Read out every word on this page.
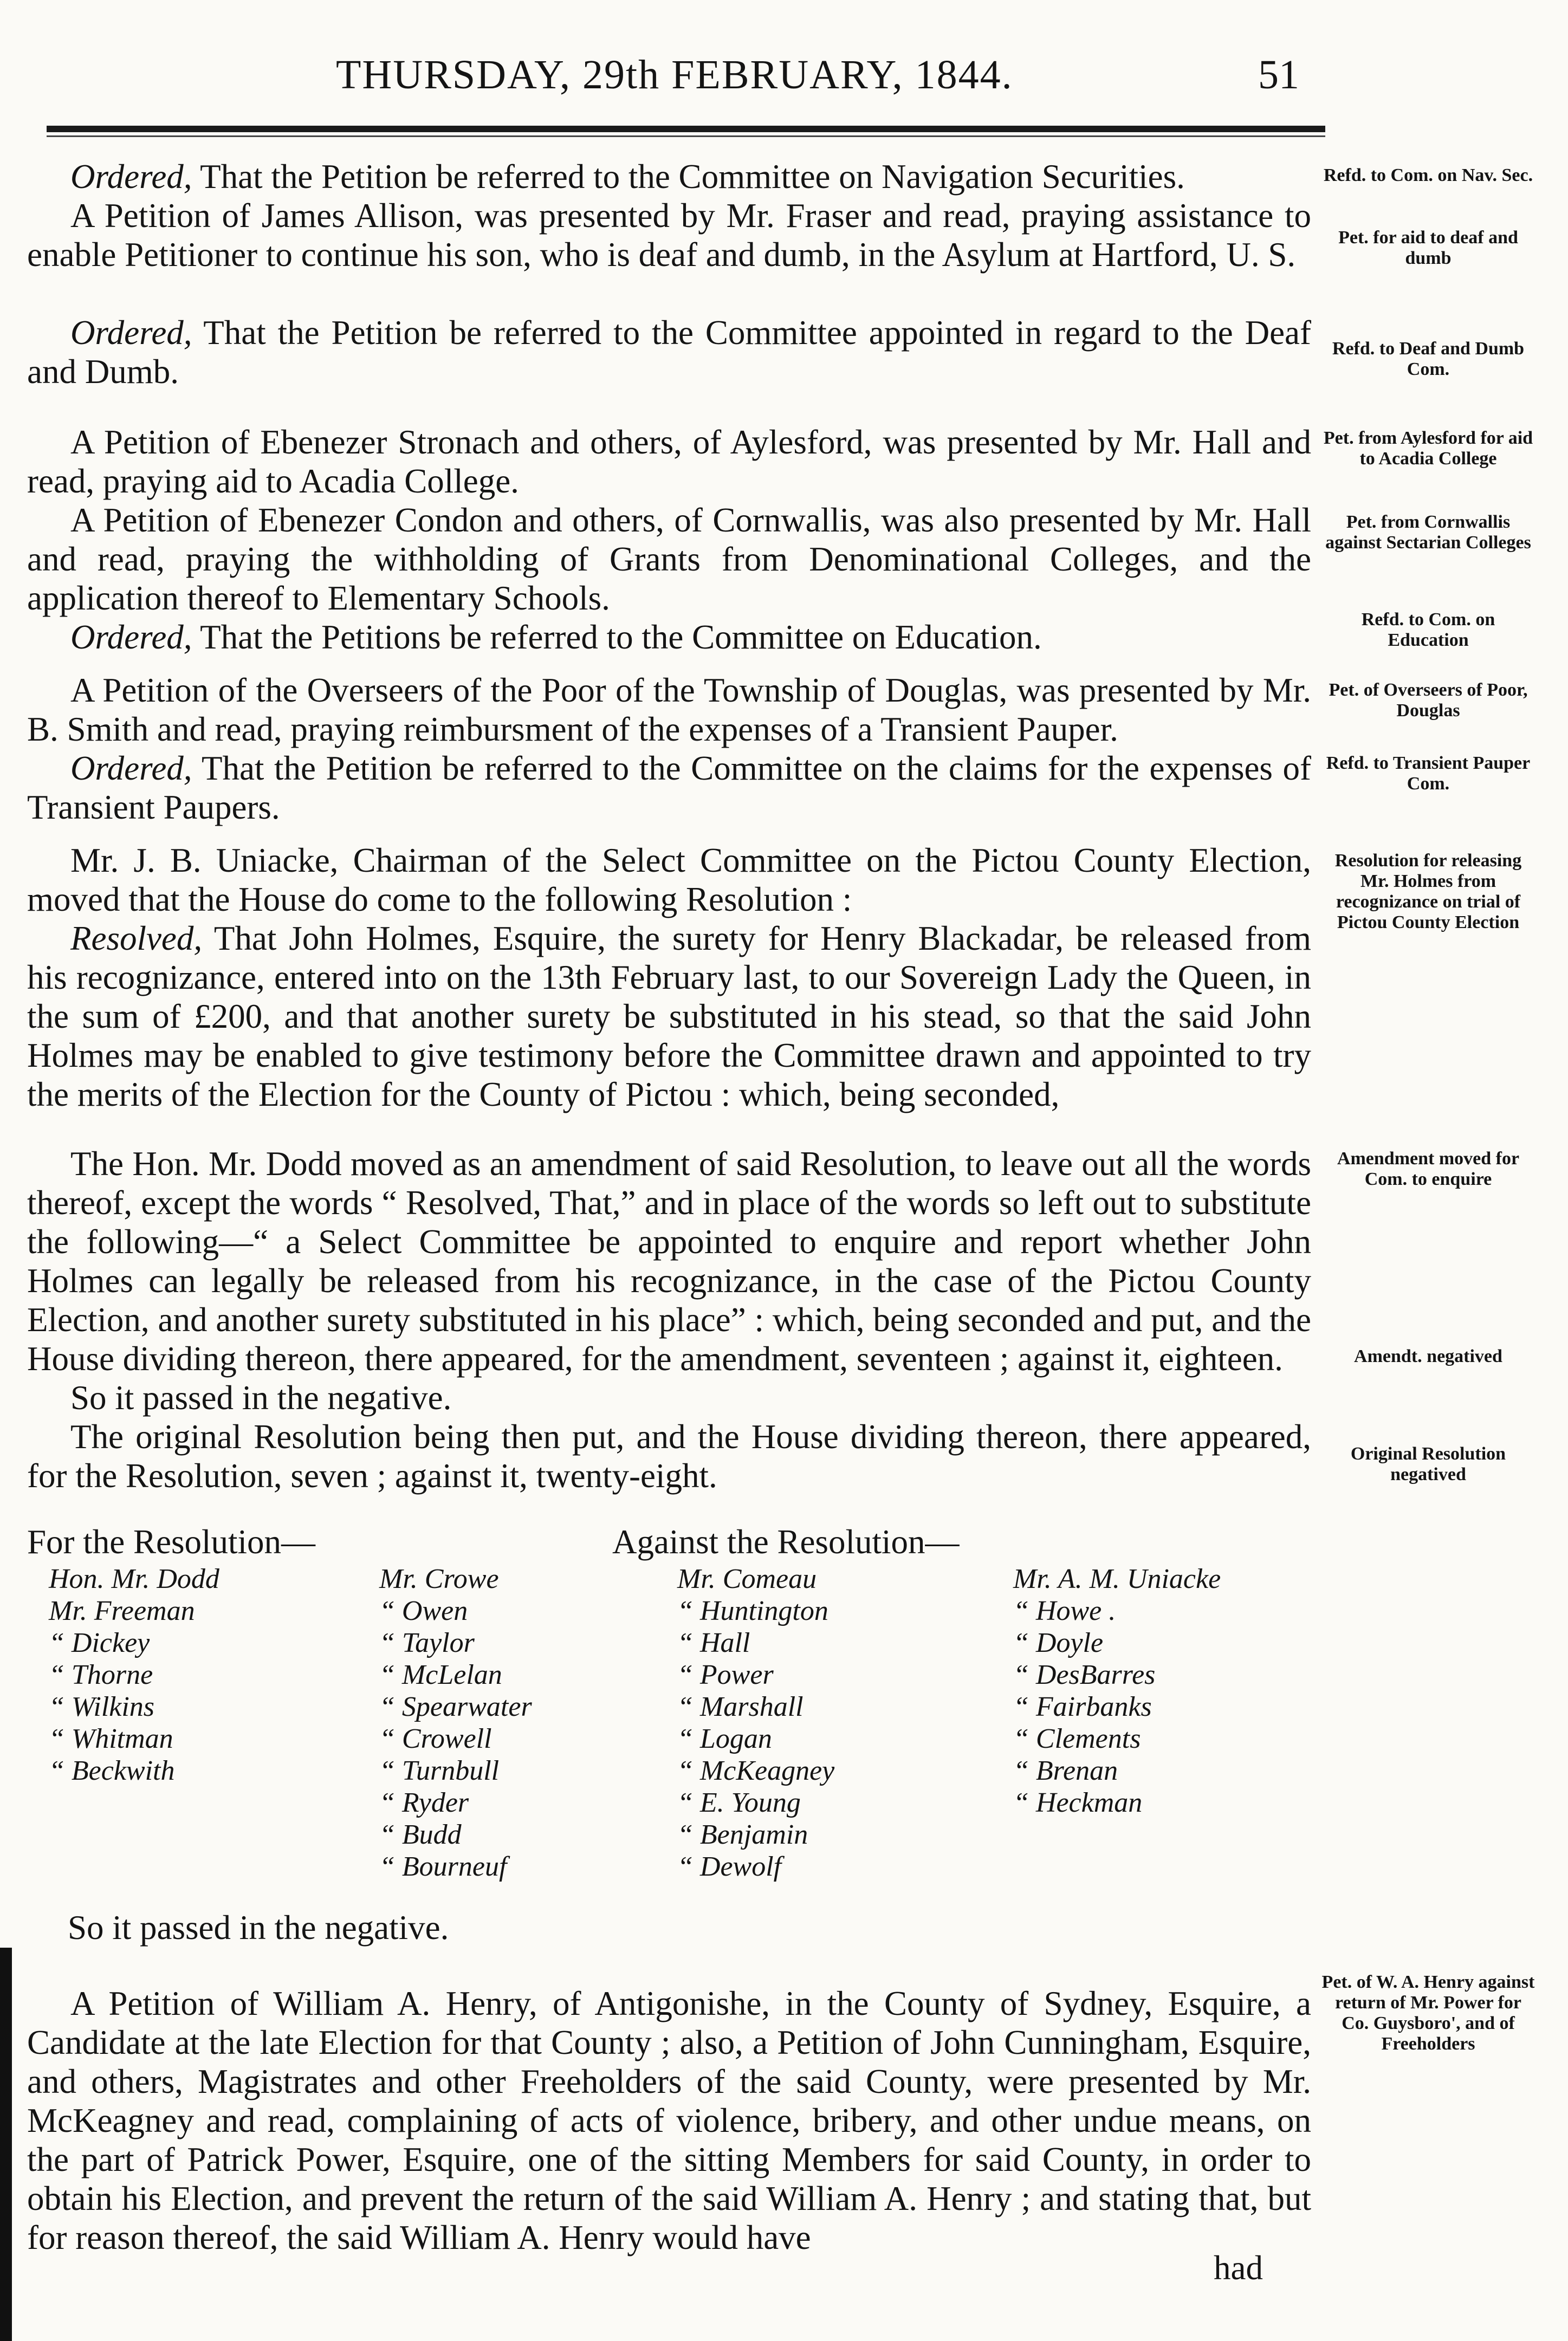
THURSDAY, 29th FEBRUARY, 1844.	51

Ordered, That the Petition be referred to the Committee on Navigation Securities.

A Petition of James Allison, was presented by Mr. Fraser and read, praying assistance to enable Petitioner to continue his son, who is deaf and dumb, in the Asylum at Hartford, U. S.

Ordered, That the Petition be referred to the Committee appointed in regard to the Deaf and Dumb.

A Petition of Ebenezer Stronach and others, of Aylesford, was presented by Mr. Hall and read, praying aid to Acadia College.

A Petition of Ebenezer Condon and others, of Cornwallis, was also presented by Mr. Hall and read, praying the withholding of Grants from Denominational Colleges, and the application thereof to Elementary Schools.

Ordered, That the Petitions be referred to the Committee on Education.

A Petition of the Overseers of the Poor of the Township of Douglas, was presented by Mr. B. Smith and read, praying reimbursment of the expenses of a Transient Pauper.

Ordered, That the Petition be referred to the Committee on the claims for the expenses of Transient Paupers.

Mr. J. B. Uniacke, Chairman of the Select Committee on the Pictou County Election, moved that the House do come to the following Resolution :

Resolved, That John Holmes, Esquire, the surety for Henry Blackadar, be released from his recognizance, entered into on the 13th February last, to our Sovereign Lady the Queen, in the sum of £200, and that another surety be substituted in his stead, so that the said John Holmes may be enabled to give testimony before the Committee drawn and appointed to try the merits of the Election for the County of Pictou : which, being seconded,

The Hon. Mr. Dodd moved as an amendment of said Resolution, to leave out all the words thereof, except the words “ Resolved, That,” and in place of the words so left out to substitute the following—“ a Select Committee be appointed to enquire and report whether John Holmes can legally be released from his recognizance, in the case of the Pictou County Election, and another surety substituted in his place” : which, being seconded and put, and the House dividing thereon, there appeared, for the amendment, seventeen ; against it, eighteen.

So it passed in the negative.

The original Resolution being then put, and the House dividing thereon, there appeared, for the Resolution, seven ; against it, twenty-eight.

So it passed in the negative.

A Petition of William A. Henry, of Antigonishe, in the County of Sydney, Esquire, a Candidate at the late Election for that County ; also, a Petition of John Cunningham, Esquire, and others, Magistrates and other Freeholders of the said County, were presented by Mr. McKeagney and read, complaining of acts of violence, bribery, and other undue means, on the part of Patrick Power, Esquire, one of the sitting Members for said County, in order to obtain his Election, and prevent the return of the said William A. Henry ; and stating that, but for reason thereof, the said William A. Henry would have

For the Resolution—	Against the Resolution—
Hon. Mr. Dodd
Mr. Freeman
“ Dickey
“ Thorne
“ Wilkins
“ Whitman
“ Beckwith
Mr. Crowe
“ Owen
“ Taylor
“ McLelan
“ Spearwater
“ Crowell
“ Turnbull
“ Ryder
“ Budd
“ Bourneuf
Mr. Comeau
“ Huntington
“ Hall
“ Power
“ Marshall
“ Logan
“ McKeagney
“ E. Young
“ Benjamin
“ Dewolf
Mr. A. M. Uniacke
“ Howe .
“ Doyle
“ DesBarres
“ Fairbanks
“ Clements
“ Brenan
“ Heckman
Refd. to Com. on Nav. Sec.
Pet. for aid to deaf and dumb
Refd. to Deaf and Dumb Com.
Pet. from Aylesford for aid to Acadia College
Pet. from Cornwallis against Sectarian Colleges
Refd. to Com. on Education
Pet. of Overseers of Poor, Douglas
Refd. to Transient Pauper Com.
Resolution for releasing Mr. Holmes from recognizance on trial of Pictou County Election
Amendment moved for Com. to enquire
Amendt. negatived
Original Resolution negatived
Pet. of W. A. Henry against return of Mr. Power for Co. Guysboro', and of Freeholders
had
